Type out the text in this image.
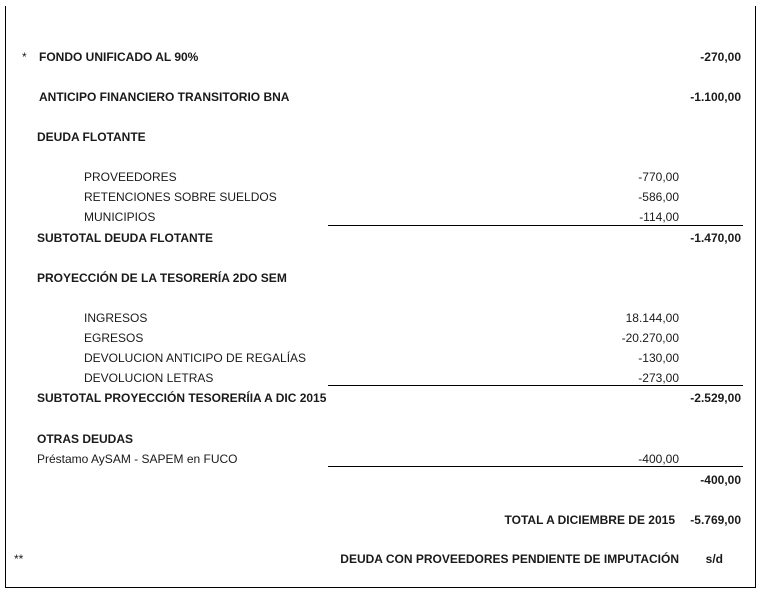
* FONDO UNIFICADO AL 90%	-270,00
ANTICIPO FINANCIERO TRANSITORIO BNA	-1.100,00
DEUDA FLOTANTE
PROVEEDORES	-770,00
RETENCIONES SOBRE SUELDOS	-586,00
MUNICIPIOS	-114,00
SUBTOTAL DEUDA FLOTANTE	-1.470,00
PROYECCIÓN DE LA TESORERÍA 2DO SEM
INGRESOS	18.144,00
EGRESOS	-20.270,00
DEVOLUCION ANTICIPO DE REGALÍAS	-130,00
DEVOLUCION LETRAS	-273,00
SUBTOTAL PROYECCIÓN TESORERÍIA A DIC 2015	-2.529,00
OTRAS DEUDAS
Préstamo AySAM - SAPEM en FUCO	-400,00
-400,00
TOTAL A DICIEMBRE DE 2015 -5.769,00
**	DEUDA CON PROVEEDORES PENDIENTE DE IMPUTACIÓN s/d
